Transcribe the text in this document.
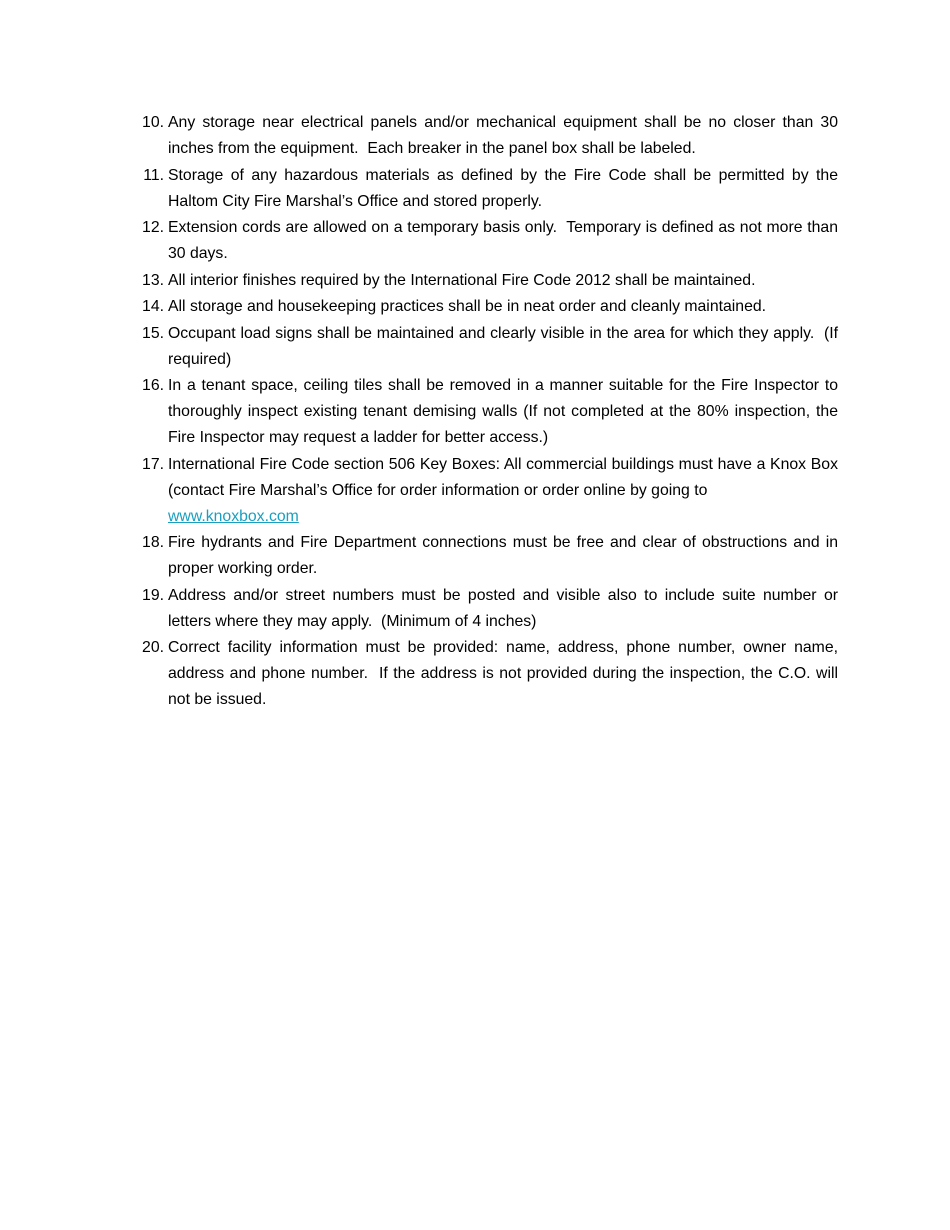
10. Any storage near electrical panels and/or mechanical equipment shall be no closer than 30 inches from the equipment.  Each breaker in the panel box shall be labeled.
11. Storage of any hazardous materials as defined by the Fire Code shall be permitted by the Haltom City Fire Marshal’s Office and stored properly.
12. Extension cords are allowed on a temporary basis only.  Temporary is defined as not more than 30 days.
13. All interior finishes required by the International Fire Code 2012 shall be maintained.
14. All storage and housekeeping practices shall be in neat order and cleanly maintained.
15. Occupant load signs shall be maintained and clearly visible in the area for which they apply.  (If required)
16. In a tenant space, ceiling tiles shall be removed in a manner suitable for the Fire Inspector to thoroughly inspect existing tenant demising walls (If not completed at the 80% inspection, the Fire Inspector may request a ladder for better access.)
17. International Fire Code section 506 Key Boxes: All commercial buildings must have a Knox Box (contact Fire Marshal’s Office for order information or order online by going to
www.knoxbox.com
18. Fire hydrants and Fire Department connections must be free and clear of obstructions and in proper working order.
19. Address and/or street numbers must be posted and visible also to include suite number or letters where they may apply.  (Minimum of 4 inches)
20. Correct facility information must be provided: name, address, phone number, owner name, address and phone number.  If the address is not provided during the inspection, the C.O. will not be issued.
